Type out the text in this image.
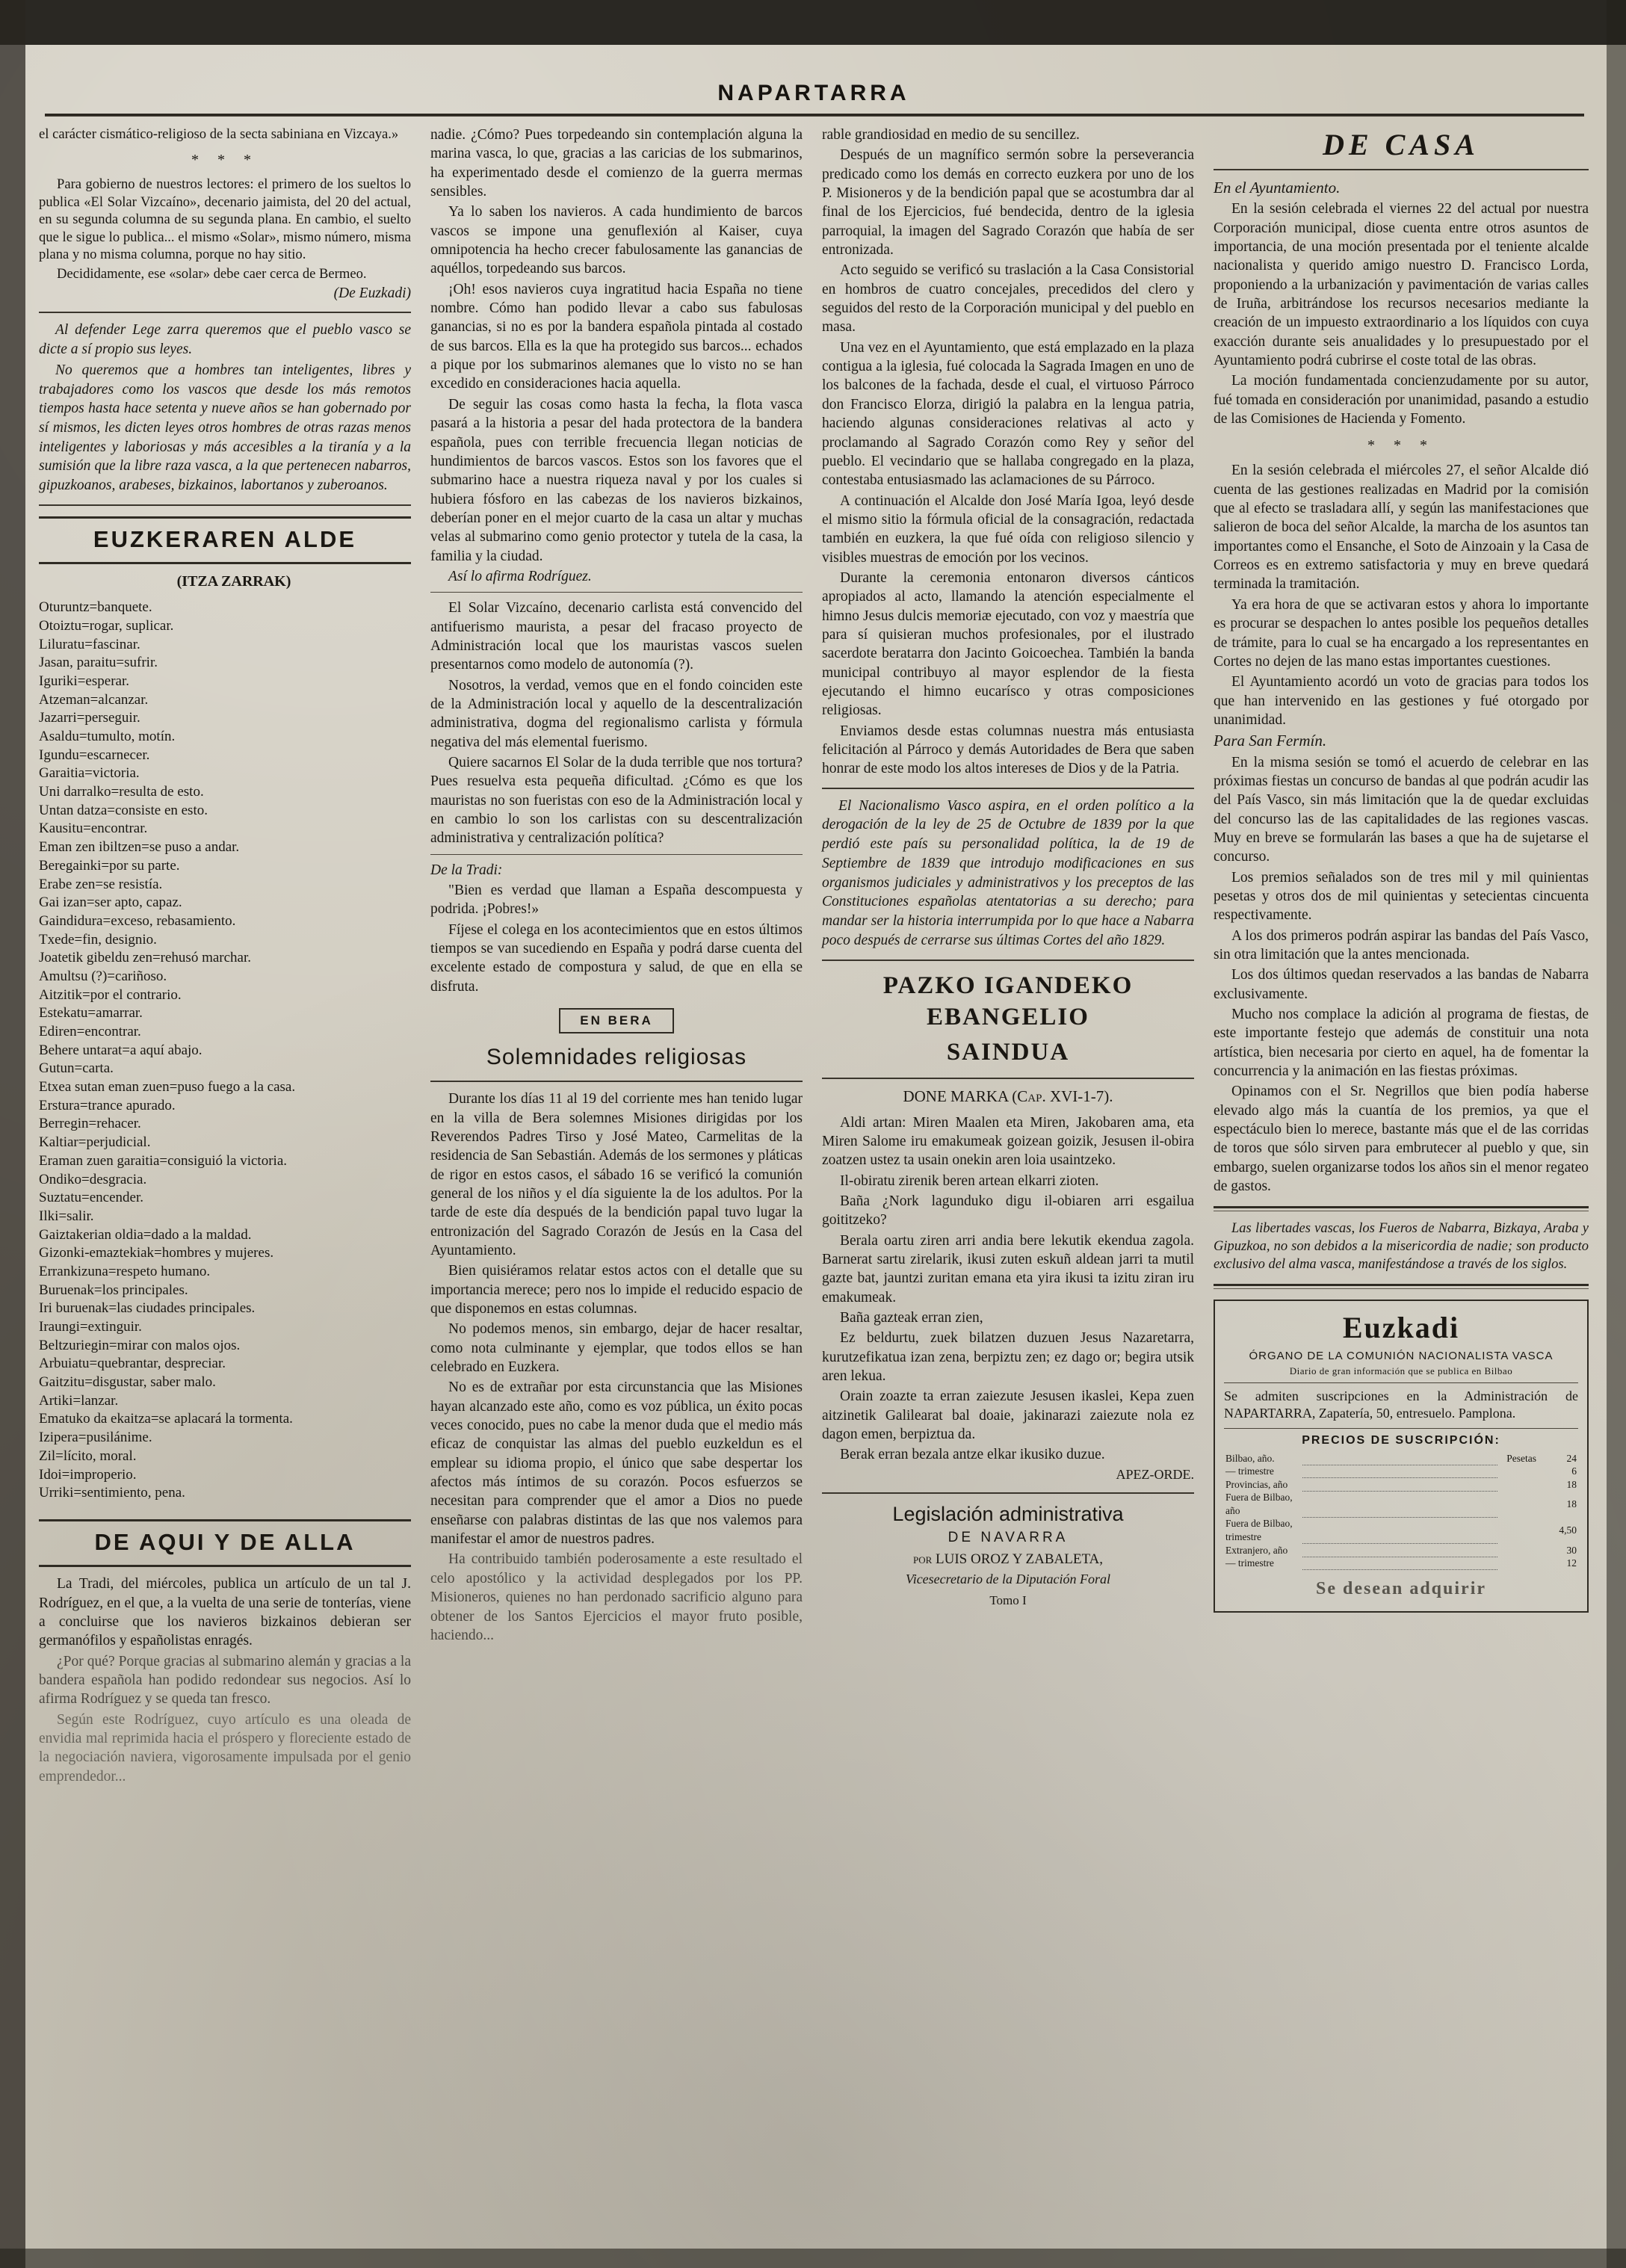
NAPARTARRA

el carácter cismático-religioso de la secta sabiniana en Vizcaya.»

* * *

Para gobierno de nuestros lectores: el primero de los sueltos lo publica «El Solar Vizcaíno», decenario jaimista, del 20 del actual, en su segunda columna de su segunda plana. En cambio, el suelto que le sigue lo publica... el mismo «Solar», mismo número, misma plana y no misma columna, porque no hay sitio.

Decididamente, ese «solar» debe caer cerca de Bermeo.

(De Euzkadi)

Al defender Lege zarra queremos que el pueblo vasco se dicte a sí propio sus leyes.

No queremos que a hombres tan inteligentes, libres y trabajadores como los vascos que desde los más remotos tiempos hasta hace setenta y nueve años se han gobernado por sí mismos, les dicten leyes otros hombres de otras razas menos inteligentes y laboriosas y más accesibles a la tiranía y a la sumisión que la libre raza vasca, a la que pertenecen nabarros, gipuzkoanos, arabeses, bizkainos, labortanos y zuberoanos.

EUZKERAREN ALDE

(ITZA ZARRAK)

Oturuntz=banquete.
Otoiztu=rogar, suplicar.
Liluratu=fascinar.
Jasan, paraitu=sufrir.
Iguriki=esperar.
Atzeman=alcanzar.
Jazarri=perseguir.
Asaldu=tumulto, motín.
Igundu=escarnecer.
Garaitia=victoria.
Uni darralko=resulta de esto.
Untan datza=consiste en esto.
Kausitu=encontrar.
Eman zen ibiltzen=se puso a andar.
Beregainki=por su parte.
Erabe zen=se resistía.
Gai izan=ser apto, capaz.
Gaindidura=exceso, rebasamiento.
Txede=fin, designio.
Joatetik gibeldu zen=rehusó marchar.
Amultsu (?)=cariñoso.
Aitzitik=por el contrario.
Estekatu=amarrar.
Ediren=encontrar.
Behere untarat=a aquí abajo.
Gutun=carta.
Etxea sutan eman zuen=puso fuego a la casa.
Erstura=trance apurado.
Berregin=rehacer.
Kaltiar=perjudicial.
Eraman zuen garaitia=consiguió la victoria.
Ondiko=desgracia.
Suztatu=encender.
Ilki=salir.
Gaiztakerian oldia=dado a la maldad.
Gizonki-emaztekiak=hombres y mujeres.
Errankizuna=respeto humano.
Buruenak=los principales.
Iri buruenak=las ciudades principales.
Iraungi=extinguir.
Beltzuriegin=mirar con malos ojos.
Arbuiatu=quebrantar, despreciar.
Gaitzitu=disgustar, saber malo.
Artiki=lanzar.
Ematuko da ekaitza=se aplacará la tormenta.
Izipera=pusilánime.
Zil=lícito, moral.
Idoi=improperio.
Urriki=sentimiento, pena.
DE AQUI Y DE ALLA

La Tradi, del miércoles, publica un artículo de un tal J. Rodríguez, en el que, a la vuelta de una serie de tonterías, viene a concluirse que los navieros bizkainos debieran ser germanófilos y españolistas enragés.

¿Por qué? Porque gracias al submarino alemán y gracias a la bandera española han podido redondear sus negocios. Así lo afirma Rodríguez y se queda tan fresco.

Según este Rodríguez, cuyo artículo es una oleada de envidia mal reprimida hacia el próspero y floreciente estado de la negociación naviera, vigorosamente impulsada por el genio emprendedor...

nadie. ¿Cómo? Pues torpedeando sin contemplación alguna la marina vasca, lo que, gracias a las caricias de los submarinos, ha experimentado desde el comienzo de la guerra mermas sensibles.

Ya lo saben los navieros. A cada hundimiento de barcos vascos se impone una genuflexión al Kaiser, cuya omnipotencia ha hecho crecer fabulosamente las ganancias de aquéllos, torpedeando sus barcos.

¡Oh! esos navieros cuya ingratitud hacia España no tiene nombre. Cómo han podido llevar a cabo sus fabulosas ganancias, si no es por la bandera española pintada al costado de sus barcos. Ella es la que ha protegido sus barcos... echados a pique por los submarinos alemanes que lo visto no se han excedido en consideraciones hacia aquella.

De seguir las cosas como hasta la fecha, la flota vasca pasará a la historia a pesar del hada protectora de la bandera española, pues con terrible frecuencia llegan noticias de hundimientos de barcos vascos. Estos son los favores que el submarino hace a nuestra riqueza naval y por los cuales si hubiera fósforo en las cabezas de los navieros bizkainos, deberían poner en el mejor cuarto de la casa un altar y muchas velas al submarino como genio protector y tutela de la casa, la familia y la ciudad.

Así lo afirma Rodríguez.

El Solar Vizcaíno, decenario carlista está convencido del antifuerismo maurista, a pesar del fracaso proyecto de Administración local que los mauristas vascos suelen presentarnos como modelo de autonomía (?).

Nosotros, la verdad, vemos que en el fondo coinciden este de la Administración local y aquello de la descentralización administrativa, dogma del regionalismo carlista y fórmula negativa del más elemental fuerismo.

Quiere sacarnos El Solar de la duda terrible que nos tortura? Pues resuelva esta pequeña dificultad. ¿Cómo es que los mauristas no son fueristas con eso de la Administración local y en cambio lo son los carlistas con su descentralización administrativa y centralización política?

De la Tradi:

"Bien es verdad que llaman a España descompuesta y podrida. ¡Pobres!»

Fíjese el colega en los acontecimientos que en estos últimos tiempos se van sucediendo en España y podrá darse cuenta del excelente estado de compostura y salud, de que en ella se disfruta.

EN BERA
Solemnidades religiosas

Durante los días 11 al 19 del corriente mes han tenido lugar en la villa de Bera solemnes Misiones dirigidas por los Reverendos Padres Tirso y José Mateo, Carmelitas de la residencia de San Sebastián. Además de los sermones y pláticas de rigor en estos casos, el sábado 16 se verificó la comunión general de los niños y el día siguiente la de los adultos. Por la tarde de este día después de la bendición papal tuvo lugar la entronización del Sagrado Corazón de Jesús en la Casa del Ayuntamiento.

Bien quisiéramos relatar estos actos con el detalle que su importancia merece; pero nos lo impide el reducido espacio de que disponemos en estas columnas.

No podemos menos, sin embargo, dejar de hacer resaltar, como nota culminante y ejemplar, que todos ellos se han celebrado en Euzkera.

No es de extrañar por esta circunstancia que las Misiones hayan alcanzado este año, como es voz pública, un éxito pocas veces conocido, pues no cabe la menor duda que el medio más eficaz de conquistar las almas del pueblo euzkeldun es el emplear su idioma propio, el único que sabe despertar los afectos más íntimos de su corazón. Pocos esfuerzos se necesitan para comprender que el amor a Dios no puede enseñarse con palabras distintas de las que nos valemos para manifestar el amor de nuestros padres.

Ha contribuido también poderosamente a este resultado el celo apostólico y la actividad desplegados por los PP. Misioneros, quienes no han perdonado sacrificio alguno para obtener de los Santos Ejercicios el mayor fruto posible, haciendo...

rable grandiosidad en medio de su sencillez.

Después de un magnífico sermón sobre la perseverancia predicado como los demás en correcto euzkera por uno de los P. Misioneros y de la bendición papal que se acostumbra dar al final de los Ejercicios, fué bendecida, dentro de la iglesia parroquial, la imagen del Sagrado Corazón que había de ser entronizada.

Acto seguido se verificó su traslación a la Casa Consistorial en hombros de cuatro concejales, precedidos del clero y seguidos del resto de la Corporación municipal y del pueblo en masa.

Una vez en el Ayuntamiento, que está emplazado en la plaza contigua a la iglesia, fué colocada la Sagrada Imagen en uno de los balcones de la fachada, desde el cual, el virtuoso Párroco don Francisco Elorza, dirigió la palabra en la lengua patria, haciendo algunas consideraciones relativas al acto y proclamando al Sagrado Corazón como Rey y señor del pueblo. El vecindario que se hallaba congregado en la plaza, contestaba entusiasmado las aclamaciones de su Párroco.

A continuación el Alcalde don José María Igoa, leyó desde el mismo sitio la fórmula oficial de la consagración, redactada también en euzkera, la que fué oída con religioso silencio y visibles muestras de emoción por los vecinos.

Durante la ceremonia entonaron diversos cánticos apropiados al acto, llamando la atención especialmente el himno Jesus dulcis memoriæ ejecutado, con voz y maestría que para sí quisieran muchos profesionales, por el ilustrado sacerdote beratarra don Jacinto Goicoechea. También la banda municipal contribuyo al mayor esplendor de la fiesta ejecutando el himno eucarísco y otras composiciones religiosas.

Enviamos desde estas columnas nuestra más entusiasta felicitación al Párroco y demás Autoridades de Bera que saben honrar de este modo los altos intereses de Dios y de la Patria.

El Nacionalismo Vasco aspira, en el orden político a la derogación de la ley de 25 de Octubre de 1839 por la que perdió este país su personalidad política, la de 19 de Septiembre de 1839 que introdujo modificaciones en sus organismos judiciales y administrativos y los preceptos de las Constituciones españolas atentatorias a su derecho; para mandar ser la historia interrumpida por lo que hace a Nabarra poco después de cerrarse sus últimas Cortes del año 1829.

PAZKO IGANDEKO EBANGELIO
SAINDUA
DONE MARKA (Cap. XVI-1-7).

Aldi artan: Miren Maalen eta Miren, Jakobaren ama, eta Miren Salome iru emakumeak goizean goizik, Jesusen il-obira zoatzen ustez ta usain onekin aren loia usaintzeko.

Il-obiratu zirenik beren artean elkarri zioten.

Baña ¿Nork lagunduko digu il-obiaren arri esgailua goititzeko?

Berala oartu ziren arri andia bere lekutik ekendua zagola. Barnerat sartu zirelarik, ikusi zuten eskuñ aldean jarri ta mutil gazte bat, jauntzi zuritan emana eta yira ikusi ta izitu ziran iru emakumeak.

Baña gazteak erran zien,

Ez beldurtu, zuek bilatzen duzuen Jesus Nazaretarra, kurutzefikatua izan zena, berpiztu zen; ez dago or; begira utsik aren lekua.

Orain zoazte ta erran zaiezute Jesusen ikaslei, Kepa zuen aitzinetik Galilearat bal doaie, jakinarazi zaiezute nola ez dagon emen, berpiztua da.

Berak erran bezala antze elkar ikusiko duzue.

APEZ-ORDE.

Legislación administrativa
DE NAVARRA
por LUIS OROZ Y ZABALETA,
Vicesecretario de la Diputación Foral
Tomo I
DE CASA

En el Ayuntamiento.

En la sesión celebrada el viernes 22 del actual por nuestra Corporación municipal, diose cuenta entre otros asuntos de importancia, de una moción presentada por el teniente alcalde nacionalista y querido amigo nuestro D. Francisco Lorda, proponiendo a la urbanización y pavimentación de varias calles de Iruña, arbitrándose los recursos necesarios mediante la creación de un impuesto extraordinario a los líquidos con cuya exacción durante seis anualidades y lo presupuestado por el Ayuntamiento podrá cubrirse el coste total de las obras.

La moción fundamentada concienzudamente por su autor, fué tomada en consideración por unanimidad, pasando a estudio de las Comisiones de Hacienda y Fomento.

* * *

En la sesión celebrada el miércoles 27, el señor Alcalde dió cuenta de las gestiones realizadas en Madrid por la comisión que al efecto se trasladara allí, y según las manifestaciones que salieron de boca del señor Alcalde, la marcha de los asuntos tan importantes como el Ensanche, el Soto de Ainzoain y la Casa de Correos es en extremo satisfactoria y muy en breve quedará terminada la tramitación.

Ya era hora de que se activaran estos y ahora lo importante es procurar se despachen lo antes posible los pequeños detalles de trámite, para lo cual se ha encargado a los representantes en Cortes no dejen de las mano estas importantes cuestiones.

El Ayuntamiento acordó un voto de gracias para todos los que han intervenido en las gestiones y fué otorgado por unanimidad.

Para San Fermín.

En la misma sesión se tomó el acuerdo de celebrar en las próximas fiestas un concurso de bandas al que podrán acudir las del País Vasco, sin más limitación que la de quedar excluidas del concurso las de las capitalidades de las regiones vascas. Muy en breve se formularán las bases a que ha de sujetarse el concurso.

Los premios señalados son de tres mil y mil quinientas pesetas y otros dos de mil quinientas y setecientas cincuenta respectivamente.

A los dos primeros podrán aspirar las bandas del País Vasco, sin otra limitación que la antes mencionada.

Los dos últimos quedan reservados a las bandas de Nabarra exclusivamente.

Mucho nos complace la adición al programa de fiestas, de este importante festejo que además de constituir una nota artística, bien necesaria por cierto en aquel, ha de fomentar la concurrencia y la animación en las fiestas próximas.

Opinamos con el Sr. Negrillos que bien podía haberse elevado algo más la cuantía de los premios, ya que el espectáculo bien lo merece, bastante más que el de las corridas de toros que sólo sirven para embrutecer al pueblo y que, sin embargo, suelen organizarse todos los años sin el menor regateo de gastos.

Las libertades vascas, los Fueros de Nabarra, Bizkaya, Araba y Gipuzkoa, no son debidos a la misericordia de nadie; son producto exclusivo del alma vasca, manifestándose a través de los siglos.

Euzkadi
ÓRGANO DE LA COMUNIÓN NACIONALISTA VASCA
Diario de gran información que se publica en Bilbao
Se admiten suscripciones en la Administración de NAPARTARRA, Zapatería, 50, entresuelo. Pamplona.
PRECIOS DE SUSCRIPCIÓN:
Bilbao, año.		Pesetas	24
— trimestre			6
Provincias, año			18
Fuera de Bilbao, año			18
Fuera de Bilbao, trimestre			4,50
Extranjero, año			30
— trimestre			12
Se desean adquirir
